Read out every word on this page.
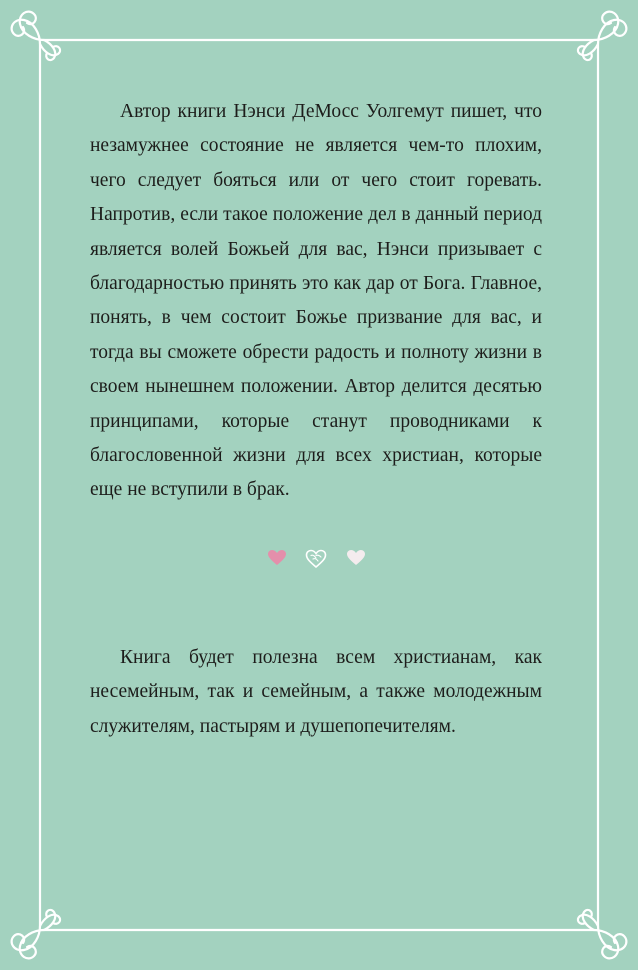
Автор книги Нэнси ДеМосс Уолгемут пишет, что незамужнее состояние не является чем-то плохим, чего следует бояться или от чего стоит горевать. Напротив, если такое положение дел в данный период является волей Божьей для вас, Нэнси призывает с благодарностью принять это как дар от Бога. Главное, понять, в чем состоит Божье призвание для вас, и тогда вы сможете обрести радость и полноту жизни в своем нынешнем положении. Автор делится десятью принципами, которые станут проводниками к благословенной жизни для всех христиан, которые еще не вступили в брак.

Книга будет полезна всем христианам, как несемейным, так и семейным, а также молодежным служителям, пастырям и душепопечителям.
